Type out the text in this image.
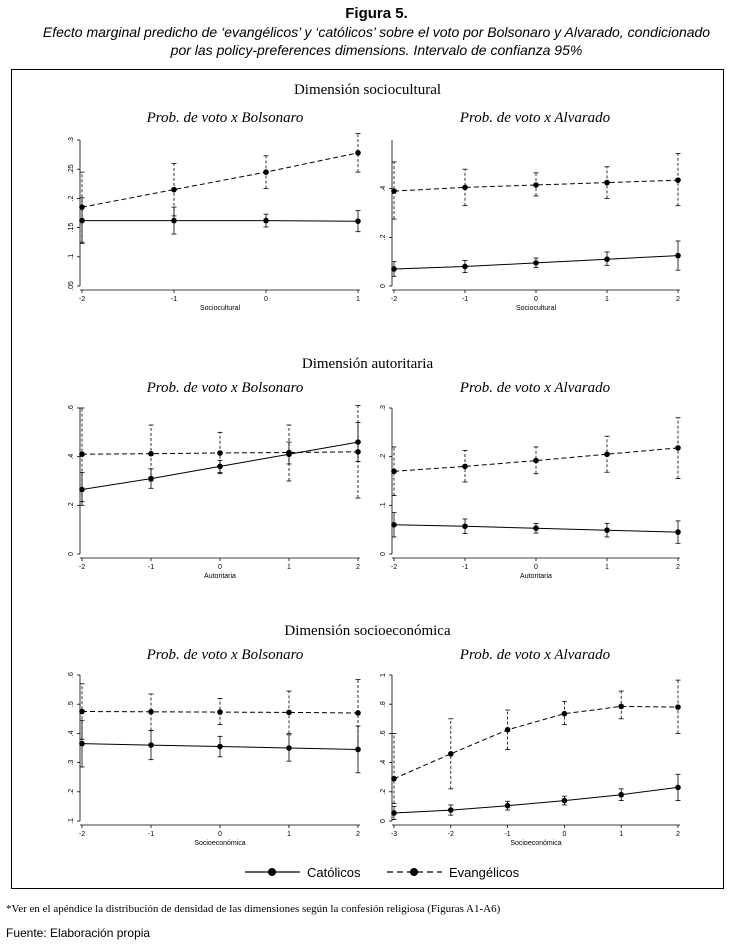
Figura 5.
Efecto marginal predicho de ‘evangélicos’ y ‘católicos’ sobre el voto por Bolsonaro y Alvarado, condicionado
por las policy-preferences dimensions. Intervalo de confianza 95%
Dimensión sociocultural
Dimensión autoritaria
Dimensión socioeconómica
Prob. de voto x Bolsonaro	Prob. de voto x Alvarado
Prob. de voto x Bolsonaro	Prob. de voto x Alvarado
Prob. de voto x Bolsonaro	Prob. de voto x Alvarado
.05
.1
.15
.2
.25
.3
-2	-1	0	1
Sociocultural
0
.2
.4
-2	-1	0	1	2
Sociocultural
0
.2
.4
.6
-2	-1	0	1	2
Autoritaria
0
.1
.2
.3
-2	-1	0	1	2
Autoritaria
.1
.2
.3
.4
.5
.6
-2	-1	0	1	2
Socioeconómica
0
.2
.4
.6
.8
1
-3	-2	-1	0	1	2
Socioeconómica
Católicos	Evangélicos
*Ver en el apéndice la distribución de densidad de las dimensiones según la confesión religiosa (Figuras A1-A6)
Fuente: Elaboración propia
